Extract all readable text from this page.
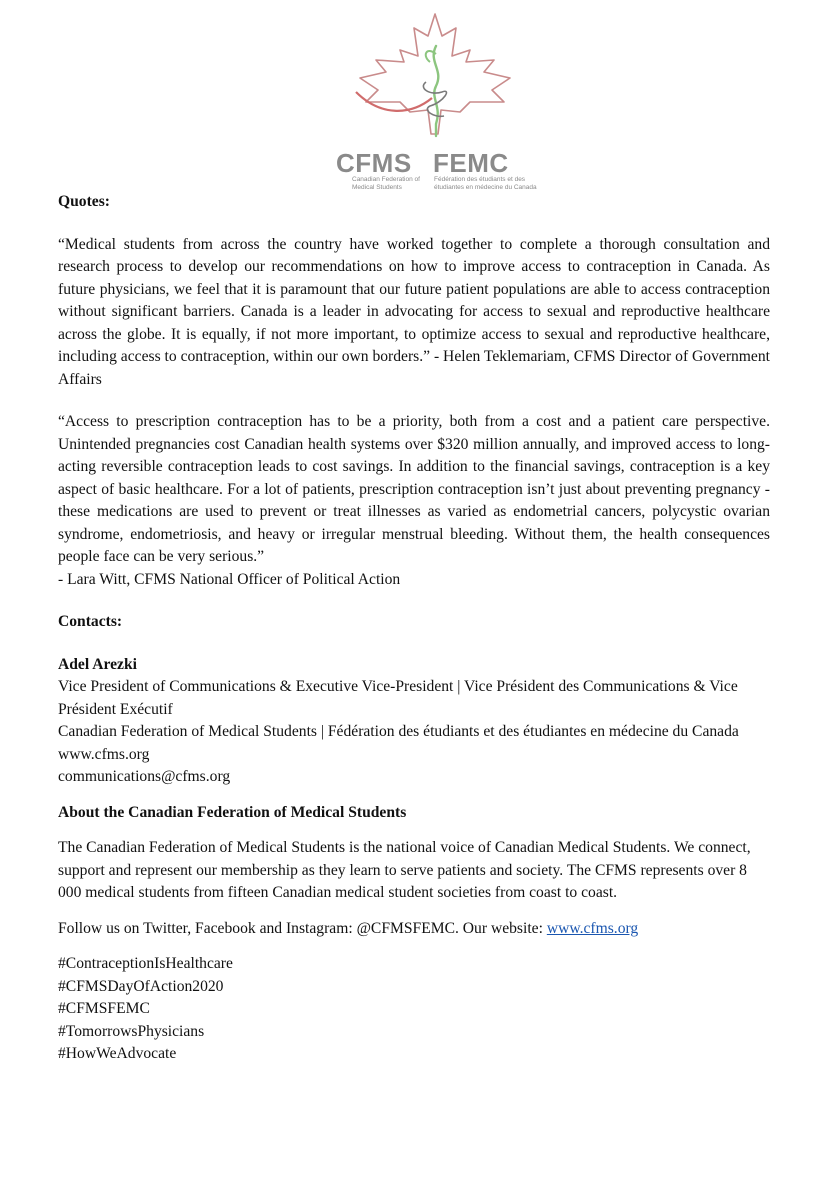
CFMS FEMC
Canadian Federation of Medical Students
Fédération des étudiants et des étudiantes en médecine du Canada

Quotes:

“Medical students from across the country have worked together to complete a thorough consultation and research process to develop our recommendations on how to improve access to contraception in Canada. As future physicians, we feel that it is paramount that our future patient populations are able to access contraception without significant barriers. Canada is a leader in advocating for access to sexual and reproductive healthcare across the globe. It is equally, if not more important, to optimize access to sexual and reproductive healthcare, including access to contraception, within our own borders.” - Helen Teklemariam, CFMS Director of Government Affairs

“Access to prescription contraception has to be a priority, both from a cost and a patient care perspective. Unintended pregnancies cost Canadian health systems over $320 million annually, and improved access to long-acting reversible contraception leads to cost savings. In addition to the financial savings, contraception is a key aspect of basic healthcare. For a lot of patients, prescription contraception isn’t just about preventing pregnancy - these medications are used to prevent or treat illnesses as varied as endometrial cancers, polycystic ovarian syndrome, endometriosis, and heavy or irregular menstrual bleeding. Without them, the health consequences people face can be very serious.”

- Lara Witt, CFMS National Officer of Political Action

Contacts:

Adel Arezki

Vice President of Communications & Executive Vice-President | Vice Président des Communications & Vice Président Exécutif

Canadian Federation of Medical Students | Fédération des étudiants et des étudiantes en médecine du Canada

www.cfms.org

communications@cfms.org

About the Canadian Federation of Medical Students

The Canadian Federation of Medical Students is the national voice of Canadian Medical Students. We connect, support and represent our membership as they learn to serve patients and society. The CFMS represents over 8 000 medical students from fifteen Canadian medical student societies from coast to coast.

Follow us on Twitter, Facebook and Instagram: @CFMSFEMC. Our website: www.cfms.org

#ContraceptionIsHealthcare

#CFMSDayOfAction2020

#CFMSFEMC

#TomorrowsPhysicians

#HowWeAdvocate
